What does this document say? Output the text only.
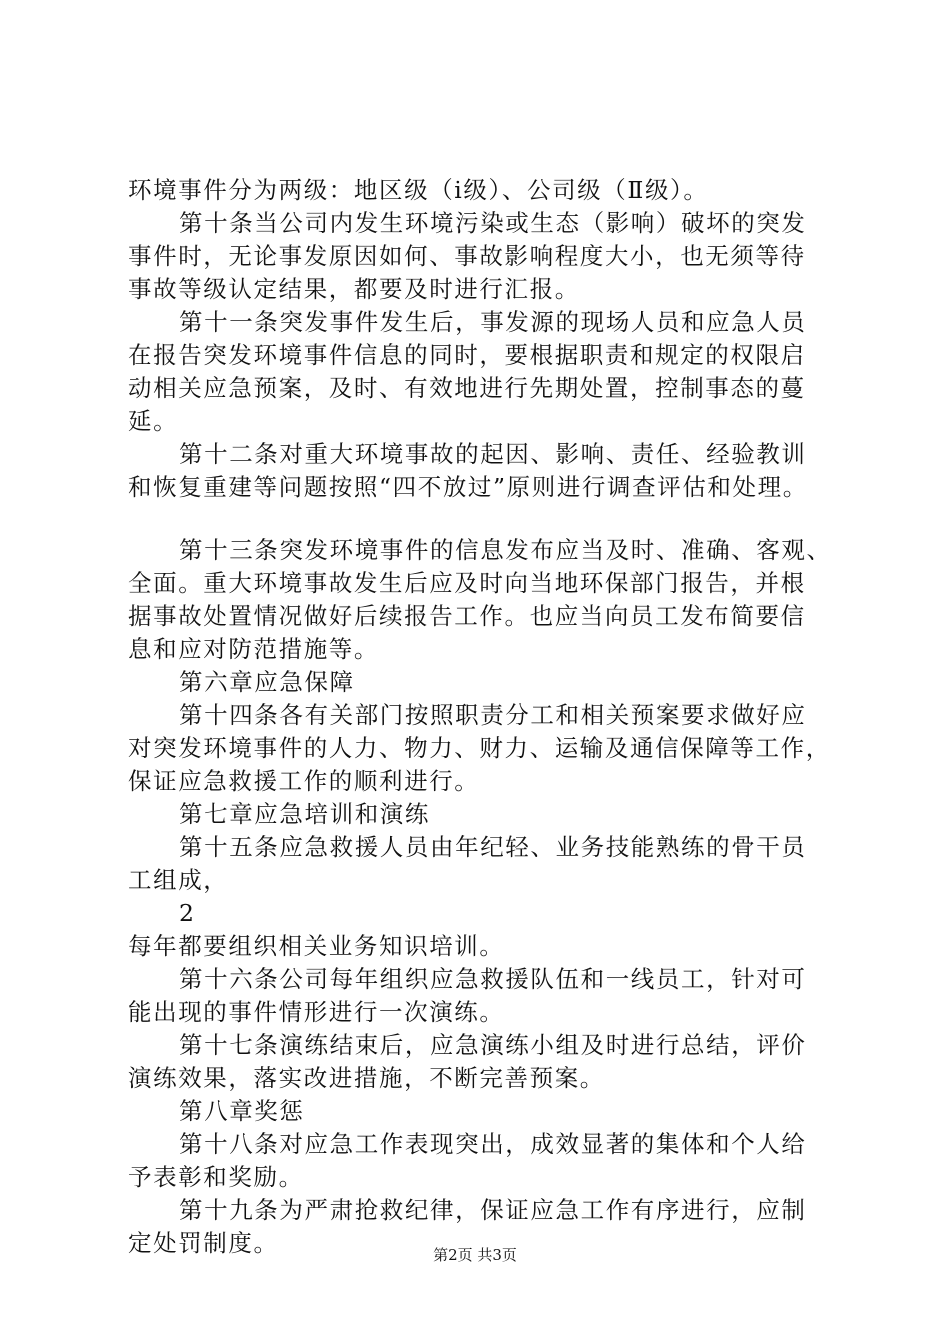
环境事件分为两级：地区级（ⅰ级）、公司级（Ⅱ级）。
第十条当公司内发生环境污染或生态（影响）破坏的突发
事件时，无论事发原因如何、事故影响程度大小，也无须等待
事故等级认定结果，都要及时进行汇报。
第十一条突发事件发生后，事发源的现场人员和应急人员
在报告突发环境事件信息的同时，要根据职责和规定的权限启
动相关应急预案，及时、有效地进行先期处置，控制事态的蔓
延。
第十二条对重大环境事故的起因、影响、责任、经验教训
和恢复重建等问题按照“四不放过”原则进行调查评估和处理。
第十三条突发环境事件的信息发布应当及时、准确、客观、
全面。重大环境事故发生后应及时向当地环保部门报告，并根
据事故处置情况做好后续报告工作。也应当向员工发布简要信
息和应对防范措施等。
第六章应急保障
第十四条各有关部门按照职责分工和相关预案要求做好应
对突发环境事件的人力、物力、财力、运输及通信保障等工作，
保证应急救援工作的顺利进行。
第七章应急培训和演练
第十五条应急救援人员由年纪轻、业务技能熟练的骨干员
工组成，
2
每年都要组织相关业务知识培训。
第十六条公司每年组织应急救援队伍和一线员工，针对可
能出现的事件情形进行一次演练。
第十七条演练结束后，应急演练小组及时进行总结，评价
演练效果，落实改进措施，不断完善预案。
第八章奖惩
第十八条对应急工作表现突出，成效显著的集体和个人给
予表彰和奖励。
第十九条为严肃抢救纪律，保证应急工作有序进行，应制
定处罚制度。	第2页 共3页
